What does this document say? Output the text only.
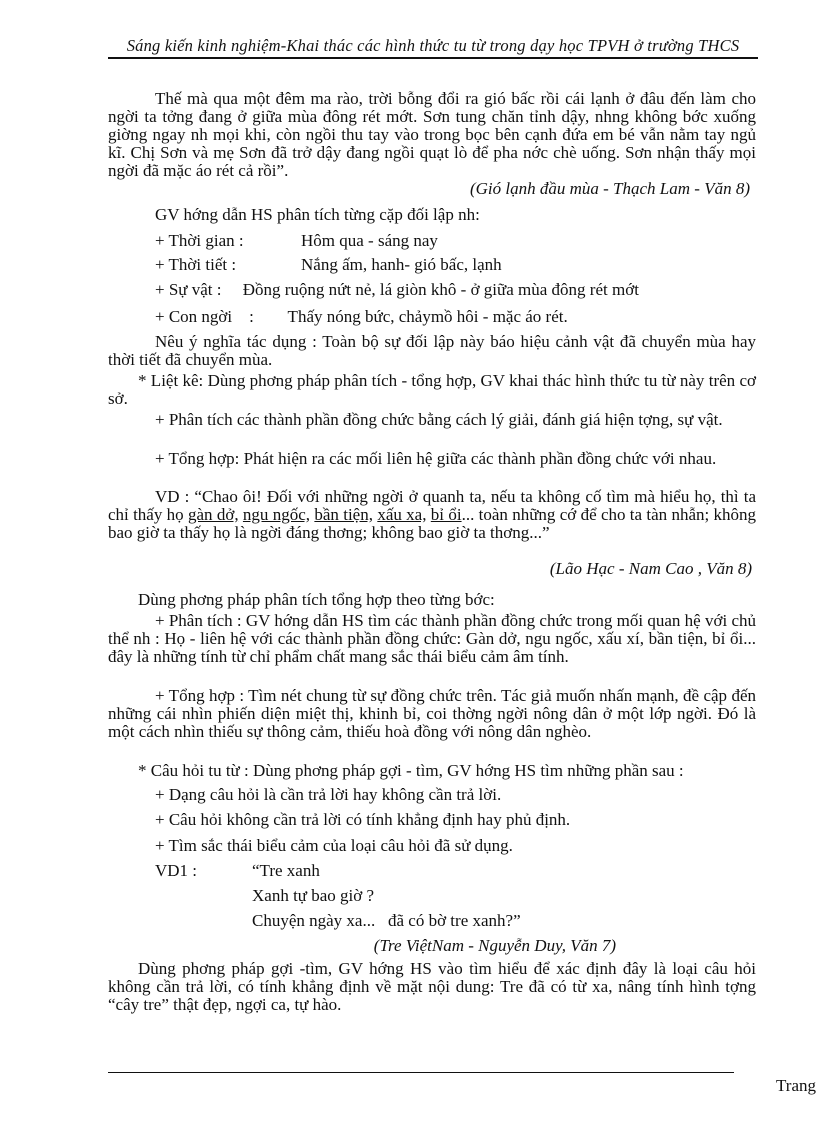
Sáng kiến kinh nghiệm-Khai thác các hình thức tu từ trong dạy học TPVH ở trường THCS

Thế mà qua một đêm ma rào, trời bỗng đổi ra gió bấc rồi cái lạnh ở đâu đến làm cho ngời ta tởng đang ở giữa mùa đông rét mớt. Sơn tung chăn tỉnh dậy, nhng không bớc xuống giờng ngay nh mọi khi, còn ngồi thu tay vào trong bọc bên cạnh đứa em bé vẫn nằm tay ngủ kĩ. Chị Sơn và mẹ Sơn đã trở dậy đang ngồi quạt lò để pha nớc chè uống. Sơn nhận thấy mọi ngời đã mặc áo rét cả rồi”.

(Gió lạnh đầu mùa - Thạch Lam - Văn 8)

GV hớng dẫn HS phân tích từng cặp đối lập nh:

+ Thời gian :	Hôm qua - sáng nay
+ Thời tiết :	Nắng ấm, hanh- gió bấc, lạnh

+ Sự vật :     Đồng ruộng nứt nẻ, lá giòn khô - ở giữa mùa đông rét mớt

+ Con ngời    :        Thấy nóng bức, chảymồ hôi - mặc áo rét.

Nêu ý nghĩa tác dụng : Toàn bộ sự đối lập này báo hiệu cảnh vật đã chuyển mùa hay thời tiết đã chuyển mùa.

* Liệt kê: Dùng phơng pháp phân tích - tổng hợp, GV khai thác hình thức tu từ này trên cơ sở.

+ Phân tích các thành phần đồng chức bằng cách lý giải, đánh giá hiện tợng, sự vật.

+ Tổng hợp: Phát hiện ra các mối liên hệ giữa các thành phần đồng chức với nhau.

VD : “Chao ôi! Đối với những ngời ở quanh ta, nếu ta không cố tìm mà hiểu họ, thì ta chỉ thấy họ gàn dở, ngu ngốc, bần tiện, xấu xa, bỉ ổi... toàn những cớ để cho ta tàn nhẫn; không bao giờ ta thấy họ là ngời đáng thơng; không bao giờ ta thơng...”

(Lão Hạc - Nam Cao , Văn 8)

Dùng phơng pháp phân tích tổng hợp theo từng bớc:

+ Phân tích : GV hớng dẫn HS tìm các thành phần đồng chức trong mối quan hệ với chủ thể nh : Họ - liên hệ với các thành phần đồng chức: Gàn dở, ngu ngốc, xấu xí, bần tiện, bỉ ổi... đây là những tính từ chỉ phẩm chất mang sắc thái biểu cảm âm tính.

+ Tổng hợp : Tìm nét chung từ sự đồng chức trên. Tác giả muốn nhấn mạnh, đề cập đến những cái nhìn phiến diện miệt thị, khinh bỉ, coi thờng ngời nông dân ở một lớp ngời. Đó là một cách nhìn thiếu sự thông cảm, thiếu hoà đồng với nông dân nghèo.

* Câu hỏi tu từ : Dùng phơng pháp gợi - tìm, GV hớng HS tìm những phần sau :

+ Dạng câu hỏi là cần trả lời hay không cần trả lời.

+ Câu hỏi không cần trả lời có tính khẳng định hay phủ định.

+ Tìm sắc thái biểu cảm của loại câu hỏi đã sử dụng.

VD1 :	“Tre xanh

Xanh tự bao giờ ?

Chuyện ngày xa...   đã có bờ tre xanh?”

(Tre ViệtNam - Nguyễn Duy, Văn 7)

Dùng phơng pháp gợi -tìm, GV hớng HS vào tìm hiểu để xác định đây là loại câu hỏi không cần trả lời, có tính khẳng định về mặt nội dung: Tre đã có từ xa, nâng tính hình tợng “cây tre” thật đẹp, ngợi ca, tự hào.

Trang
